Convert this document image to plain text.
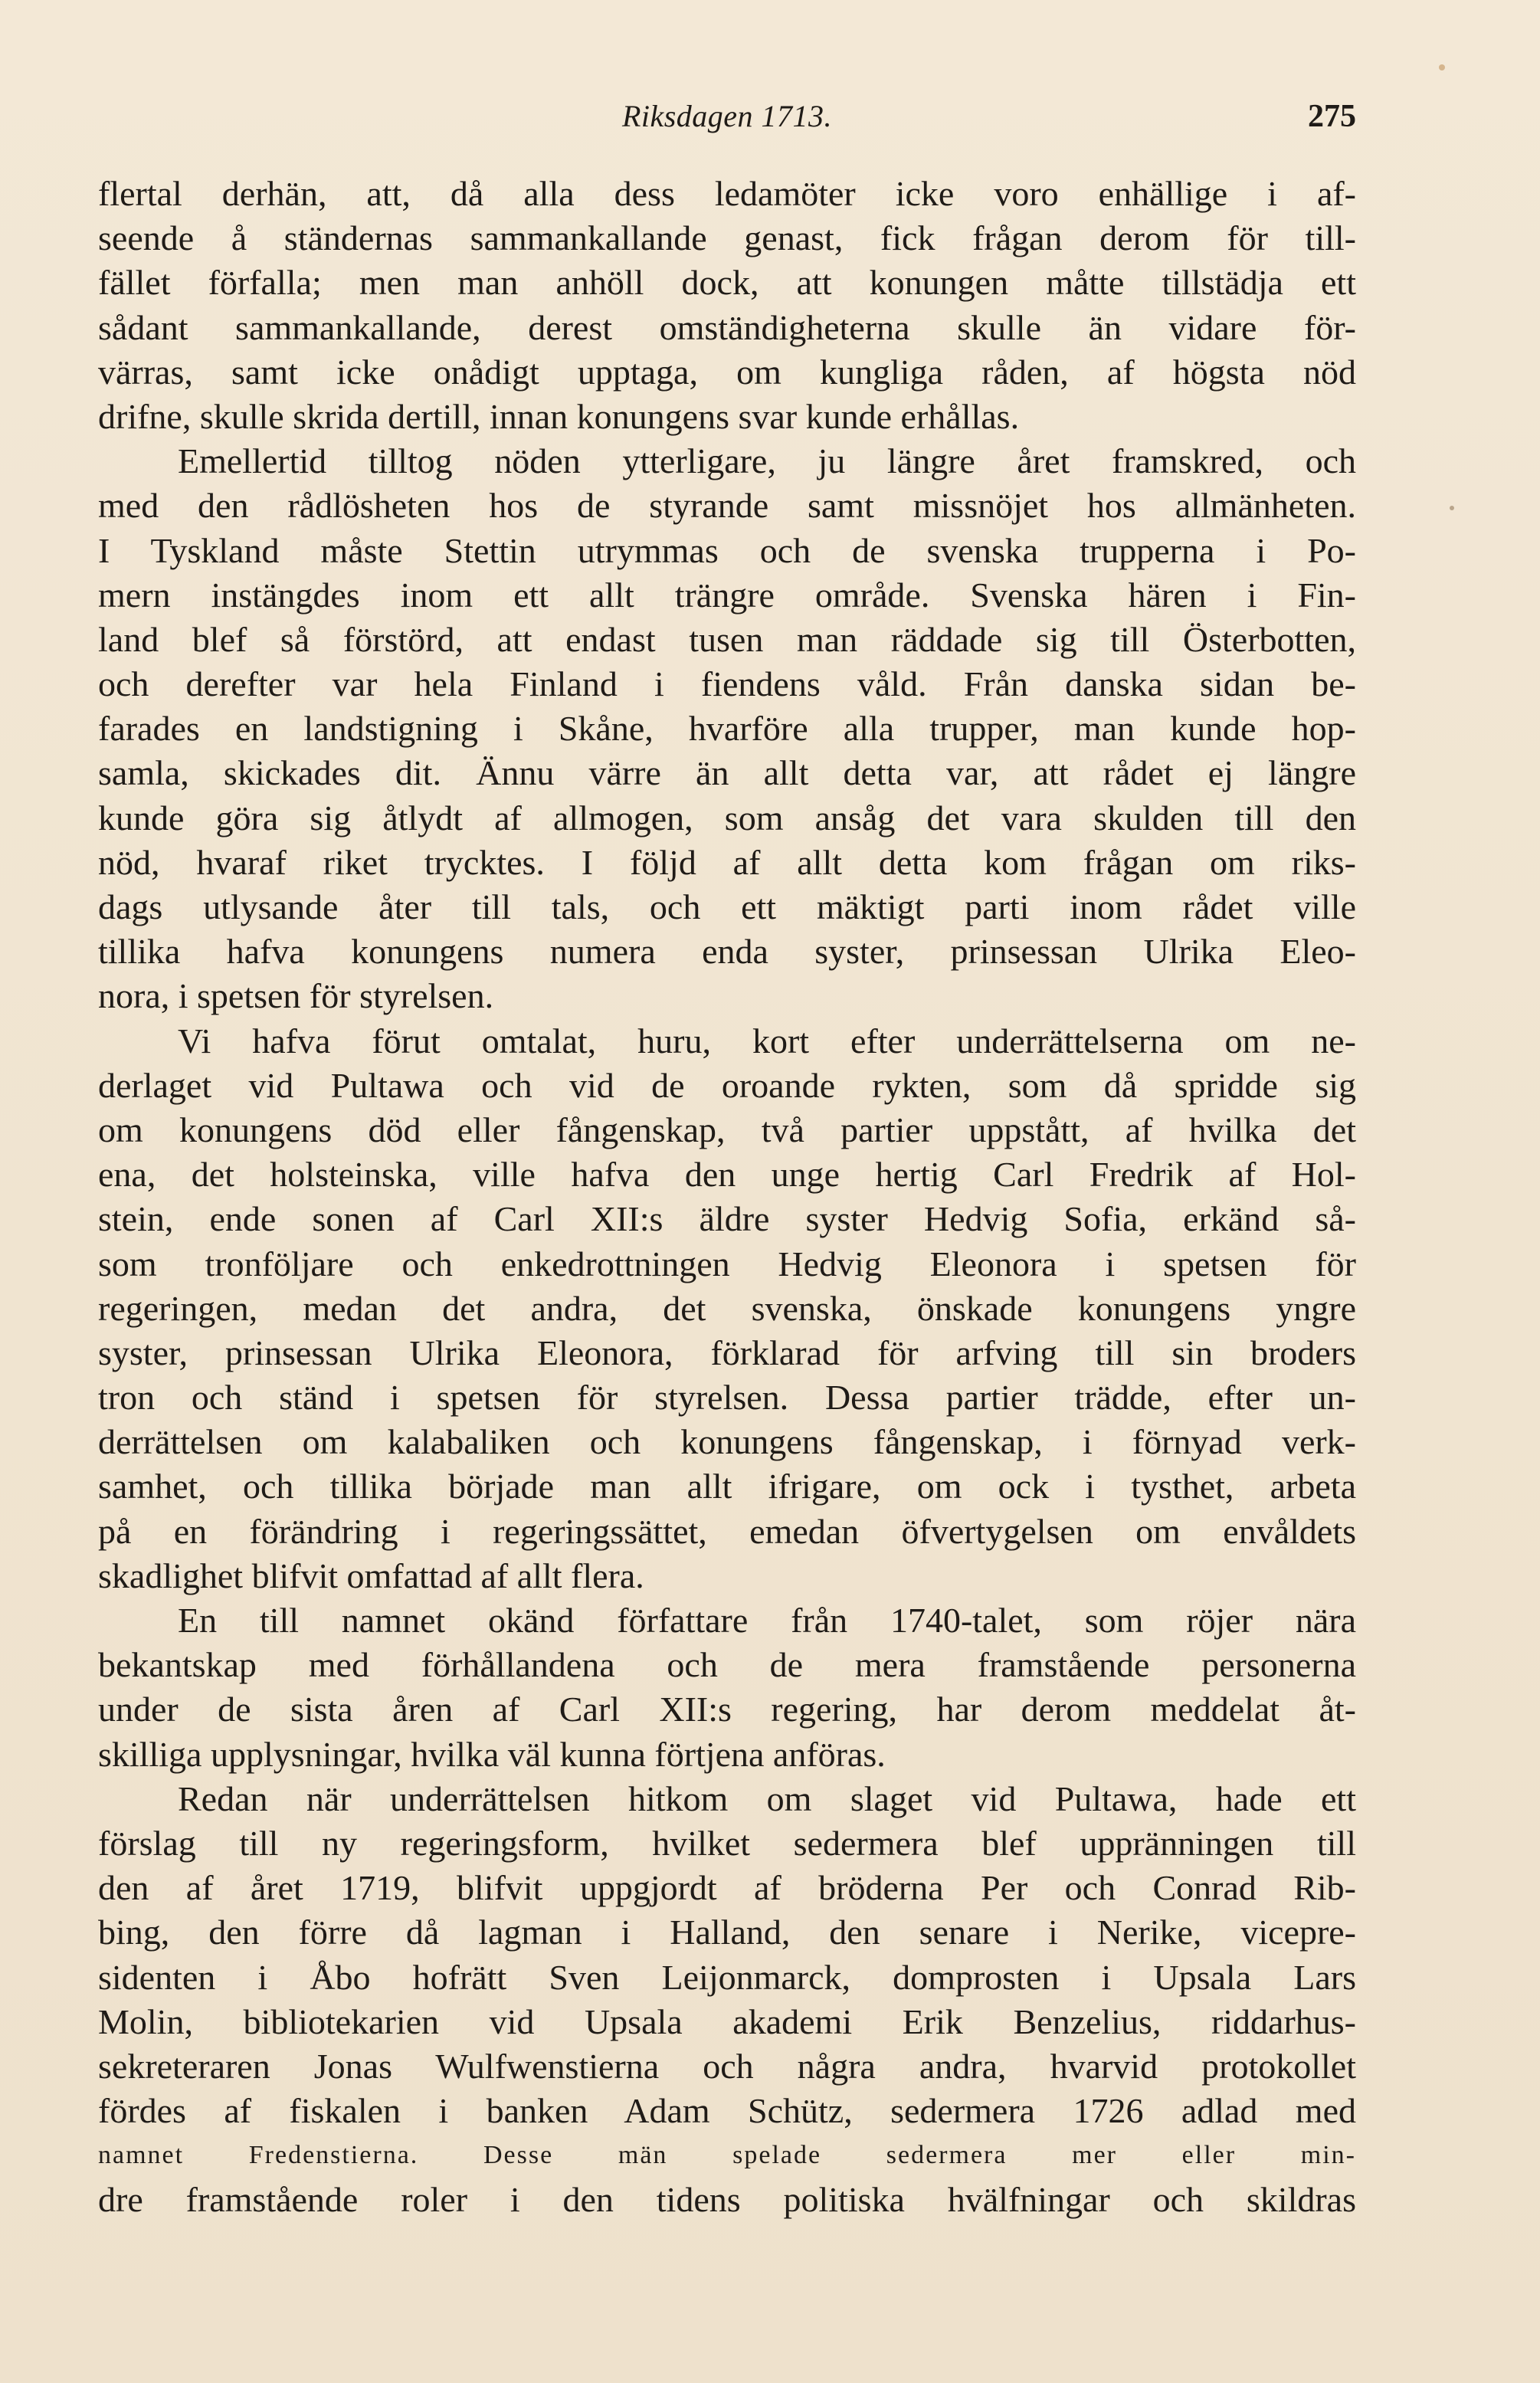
Riksdagen 1713.	275
flertal derhän, att, då alla dess ledamöter icke voro enhällige i af-
seende å ständernas sammankallande genast, fick frågan derom för till-
fället förfalla; men man anhöll dock, att konungen måtte tillstädja ett
sådant sammankallande, derest omständigheterna skulle än vidare för-
värras, samt icke onådigt upptaga, om kungliga råden, af högsta nöd
drifne, skulle skrida dertill, innan konungens svar kunde erhållas.
Emellertid tilltog nöden ytterligare, ju längre året framskred, och
med den rådlösheten hos de styrande samt missnöjet hos allmänheten.
I Tyskland måste Stettin utrymmas och de svenska trupperna i Po-
mern instängdes inom ett allt trängre område. Svenska hären i Fin-
land blef så förstörd, att endast tusen man räddade sig till Österbotten,
och derefter var hela Finland i fiendens våld. Från danska sidan be-
farades en landstigning i Skåne, hvarföre alla trupper, man kunde hop-
samla, skickades dit. Ännu värre än allt detta var, att rådet ej längre
kunde göra sig åtlydt af allmogen, som ansåg det vara skulden till den
nöd, hvaraf riket trycktes. I följd af allt detta kom frågan om riks-
dags utlysande åter till tals, och ett mäktigt parti inom rådet ville
tillika hafva konungens numera enda syster, prinsessan Ulrika Eleo-
nora, i spetsen för styrelsen.
Vi hafva förut omtalat, huru, kort efter underrättelserna om ne-
derlaget vid Pultawa och vid de oroande rykten, som då spridde sig
om konungens död eller fångenskap, två partier uppstått, af hvilka det
ena, det holsteinska, ville hafva den unge hertig Carl Fredrik af Hol-
stein, ende sonen af Carl XII:s äldre syster Hedvig Sofia, erkänd så-
som tronföljare och enkedrottningen Hedvig Eleonora i spetsen för
regeringen, medan det andra, det svenska, önskade konungens yngre
syster, prinsessan Ulrika Eleonora, förklarad för arfving till sin broders
tron och ständ i spetsen för styrelsen. Dessa partier trädde, efter un-
derrättelsen om kalabaliken och konungens fångenskap, i förnyad verk-
samhet, och tillika började man allt ifrigare, om ock i tysthet, arbeta
på en förändring i regeringssättet, emedan öfvertygelsen om envåldets
skadlighet blifvit omfattad af allt flera.
En till namnet okänd författare från 1740-talet, som röjer nära
bekantskap med förhållandena och de mera framstående personerna
under de sista åren af Carl XII:s regering, har derom meddelat åt-
skilliga upplysningar, hvilka väl kunna förtjena anföras.
Redan när underrättelsen hitkom om slaget vid Pultawa, hade ett
förslag till ny regeringsform, hvilket sedermera blef uppränningen till
den af året 1719, blifvit uppgjordt af bröderna Per och Conrad Rib-
bing, den förre då lagman i Halland, den senare i Nerike, vicepre-
sidenten i Åbo hofrätt Sven Leijonmarck, domprosten i Upsala Lars
Molin, bibliotekarien vid Upsala akademi Erik Benzelius, riddarhus-
sekreteraren Jonas Wulfwenstierna och några andra, hvarvid protokollet
fördes af fiskalen i banken Adam Schütz, sedermera 1726 adlad med
namnet Fredenstierna. Desse män spelade sedermera mer eller min-
dre framstående roler i den tidens politiska hvälfningar och skildras
